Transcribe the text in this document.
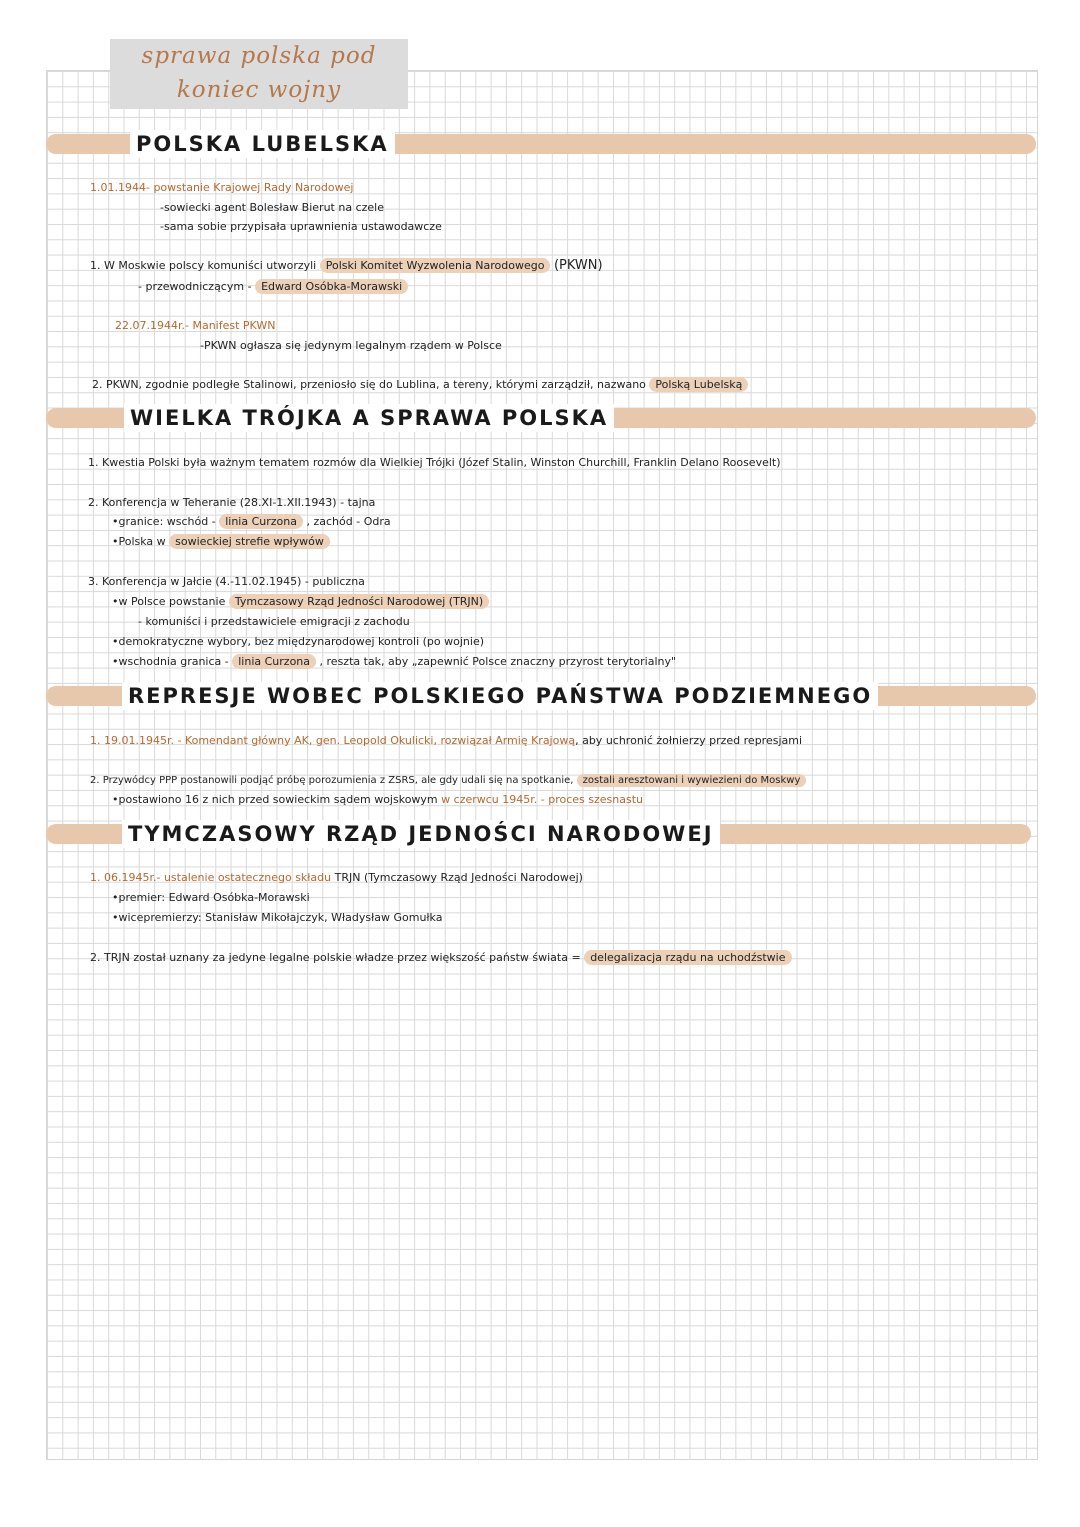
sprawa polska pod
koniec wojny
POLSKA LUBELSKA
1.01.1944- powstanie Krajowej Rady Narodowej
-sowiecki agent Bolesław Bierut na czele
-sama sobie przypisała uprawnienia ustawodawcze
1. W Moskwie polscy komuniści utworzyli Polski Komitet Wyzwolenia Narodowego (PKWN)
- przewodniczącym - Edward Osóbka-Morawski
22.07.1944r.- Manifest PKWN
-PKWN ogłasza się jedynym legalnym rządem w Polsce
2. PKWN, zgodnie podległe Stalinowi, przeniosło się do Lublina, a tereny, którymi zarządził, nazwano Polską Lubelską
WIELKA TRÓJKA A SPRAWA POLSKA
1. Kwestia Polski była ważnym tematem rozmów dla Wielkiej Trójki (Józef Stalin, Winston Churchill, Franklin Delano Roosevelt)
2. Konferencja w Teheranie (28.XI-1.XII.1943) - tajna
•granice: wschód - linia Curzona , zachód - Odra
•Polska w sowieckiej strefie wpływów
3. Konferencja w Jałcie (4.-11.02.1945) - publiczna
•w Polsce powstanie Tymczasowy Rząd Jedności Narodowej (TRJN)
- komuniści i przedstawiciele emigracji z zachodu
•demokratyczne wybory, bez międzynarodowej kontroli (po wojnie)
•wschodnia granica - linia Curzona , reszta tak, aby „zapewnić Polsce znaczny przyrost terytorialny"
REPRESJE WOBEC POLSKIEGO PAŃSTWA PODZIEMNEGO
1. 19.01.1945r. - Komendant główny AK, gen. Leopold Okulicki, rozwiązał Armię Krajową, aby uchronić żołnierzy przed represjami
2. Przywódcy PPP postanowili podjąć próbę porozumienia z ZSRS, ale gdy udali się na spotkanie, zostali aresztowani i wywiezieni do Moskwy
•postawiono 16 z nich przed sowieckim sądem wojskowym w czerwcu 1945r. - proces szesnastu
TYMCZASOWY RZĄD JEDNOŚCI NARODOWEJ
1. 06.1945r.- ustalenie ostatecznego składu TRJN (Tymczasowy Rząd Jedności Narodowej)
•premier: Edward Osóbka-Morawski
•wicepremierzy: Stanisław Mikołajczyk, Władysław Gomułka
2. TRJN został uznany za jedyne legalne polskie władze przez większość państw świata = delegalizacja rządu na uchodźstwie
